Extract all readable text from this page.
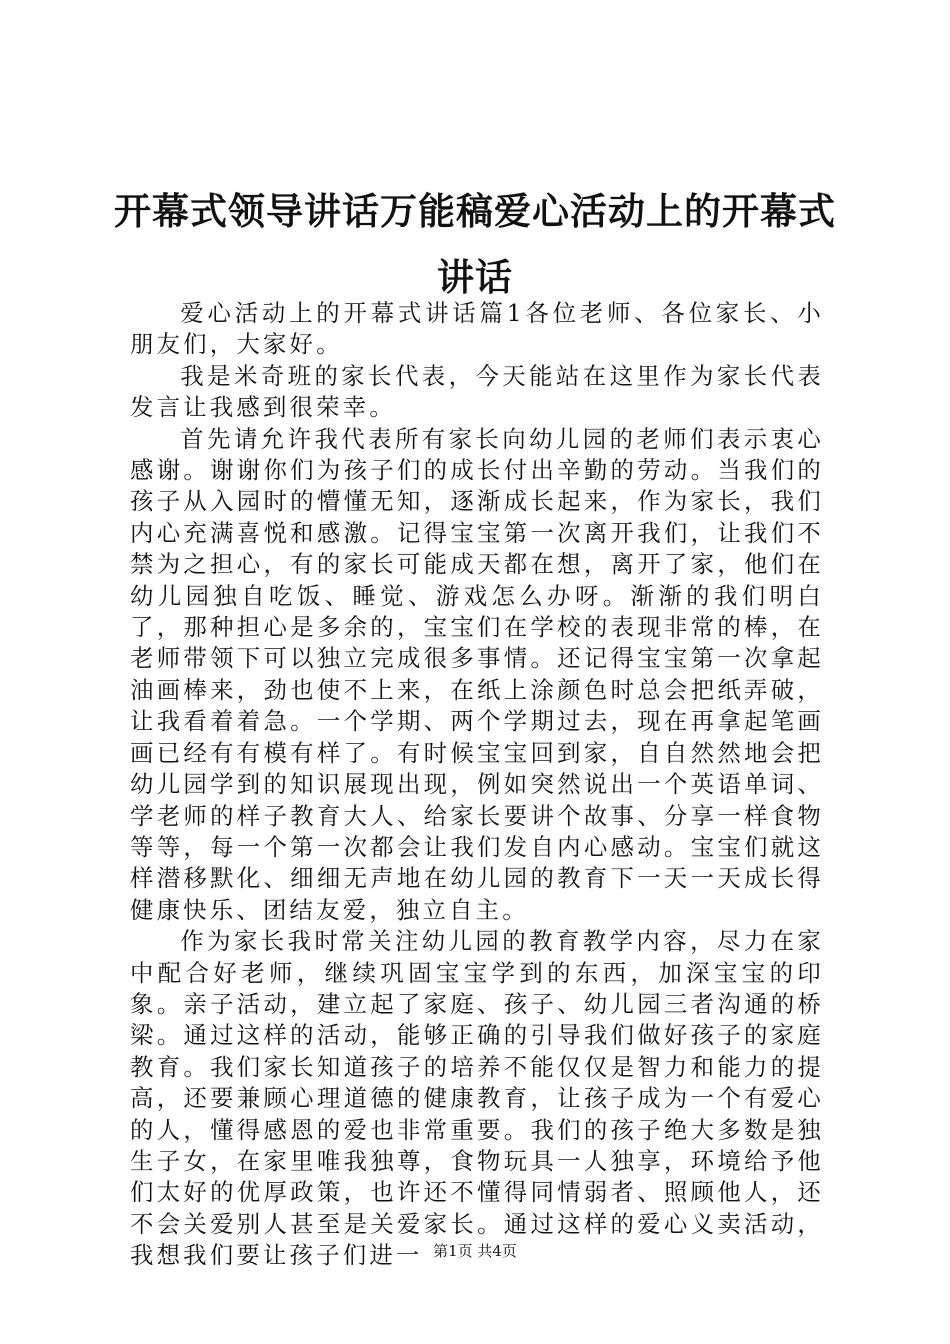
开幕式领导讲话万能稿爱心活动上的开幕式讲话

爱心活动上的开幕式讲话篇1各位老师、各位家长、小朋友们，大家好。

我是米奇班的家长代表，今天能站在这里作为家长代表发言让我感到很荣幸。

首先请允许我代表所有家长向幼儿园的老师们表示衷心感谢。谢谢你们为孩子们的成长付出辛勤的劳动。当我们的孩子从入园时的懵懂无知，逐渐成长起来，作为家长，我们内心充满喜悦和感激。记得宝宝第一次离开我们，让我们不禁为之担心，有的家长可能成天都在想，离开了家，他们在幼儿园独自吃饭、睡觉、游戏怎么办呀。渐渐的我们明白了，那种担心是多余的，宝宝们在学校的表现非常的棒，在老师带领下可以独立完成很多事情。还记得宝宝第一次拿起油画棒来，劲也使不上来，在纸上涂颜色时总会把纸弄破，让我看着着急。一个学期、两个学期过去，现在再拿起笔画画已经有有模有样了。有时候宝宝回到家，自自然然地会把幼儿园学到的知识展现出现，例如突然说出一个英语单词、学老师的样子教育大人、给家长要讲个故事、分享一样食物等等，每一个第一次都会让我们发自内心感动。宝宝们就这样潜移默化、细细无声地在幼儿园的教育下一天一天成长得健康快乐、团结友爱，独立自主。

作为家长我时常关注幼儿园的教育教学内容，尽力在家中配合好老师，继续巩固宝宝学到的东西，加深宝宝的印象。亲子活动，建立起了家庭、孩子、幼儿园三者沟通的桥梁。通过这样的活动，能够正确的引导我们做好孩子的家庭教育。我们家长知道孩子的培养不能仅仅是智力和能力的提高，还要兼顾心理道德的健康教育，让孩子成为一个有爱心的人，懂得感恩的爱也非常重要。我们的孩子绝大多数是独生子女，在家里唯我独尊，食物玩具一人独享，环境给予他们太好的优厚政策，也许还不懂得同情弱者、照顾他人，还不会关爱别人甚至是关爱家长。通过这样的爱心义卖活动，我想我们要让孩子们进一 第1页 共4页
